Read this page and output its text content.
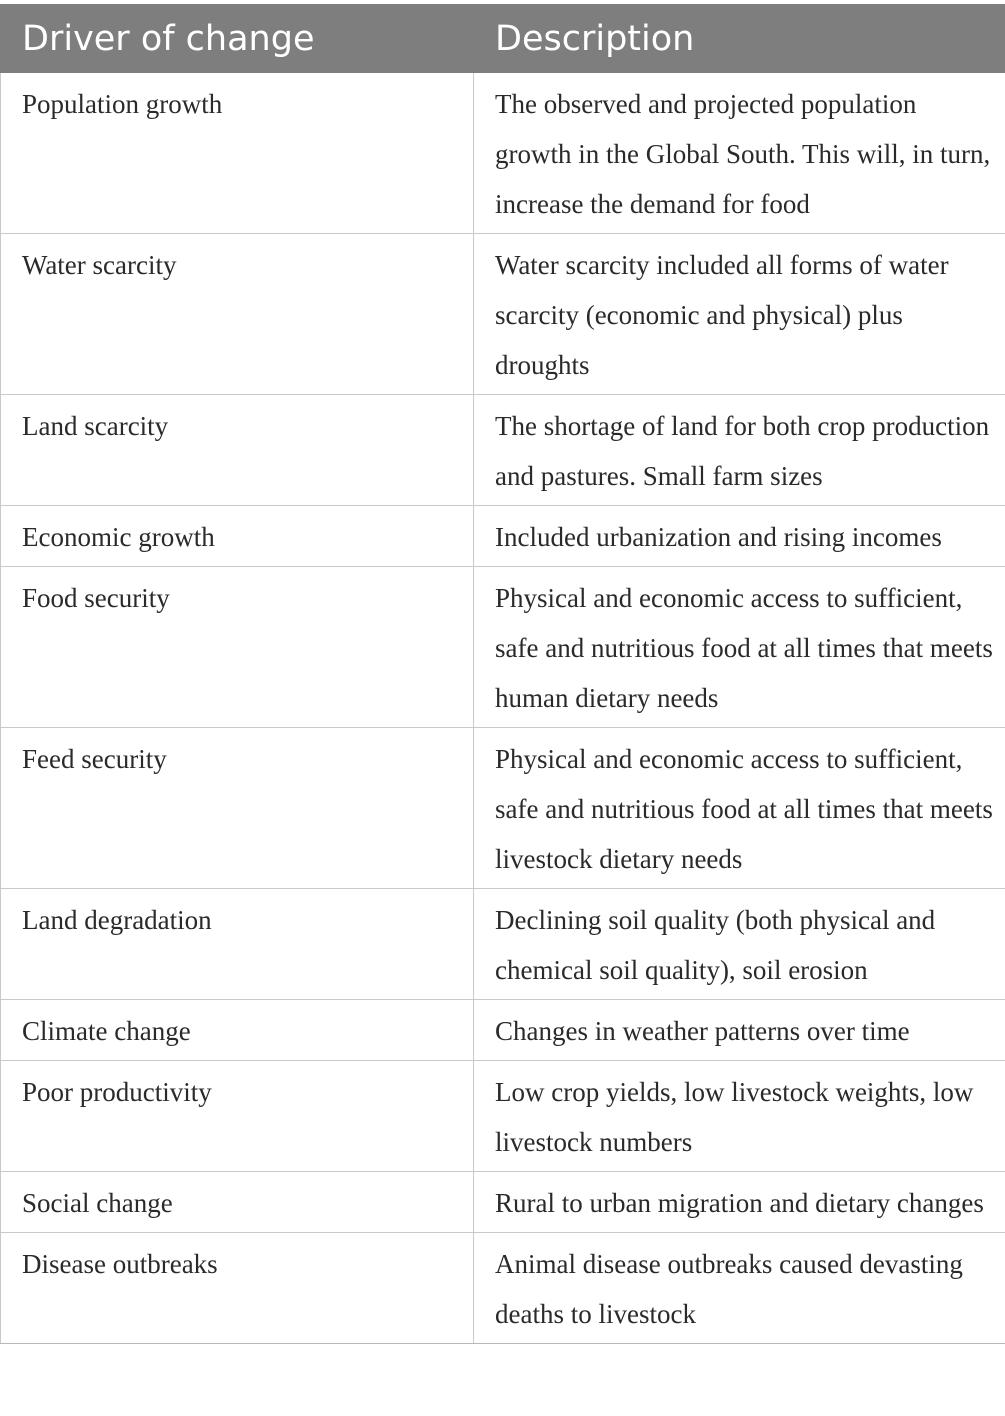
Driver of change	Description
Population growth	The observed and projected population growth in the Global South. This will, in turn, increase the demand for food
Water scarcity	Water scarcity included all forms of water scarcity (economic and physical) plus droughts
Land scarcity	The shortage of land for both crop production and pastures. Small farm sizes
Economic growth	Included urbanization and rising incomes
Food security	Physical and economic access to sufficient, safe and nutritious food at all times that meets human dietary needs
Feed security	Physical and economic access to sufficient, safe and nutritious food at all times that meets livestock dietary needs
Land degradation	Declining soil quality (both physical and chemical soil quality), soil erosion
Climate change	Changes in weather patterns over time
Poor productivity	Low crop yields, low livestock weights, low livestock numbers
Social change	Rural to urban migration and dietary changes
Disease outbreaks	Animal disease outbreaks caused devasting deaths to livestock
